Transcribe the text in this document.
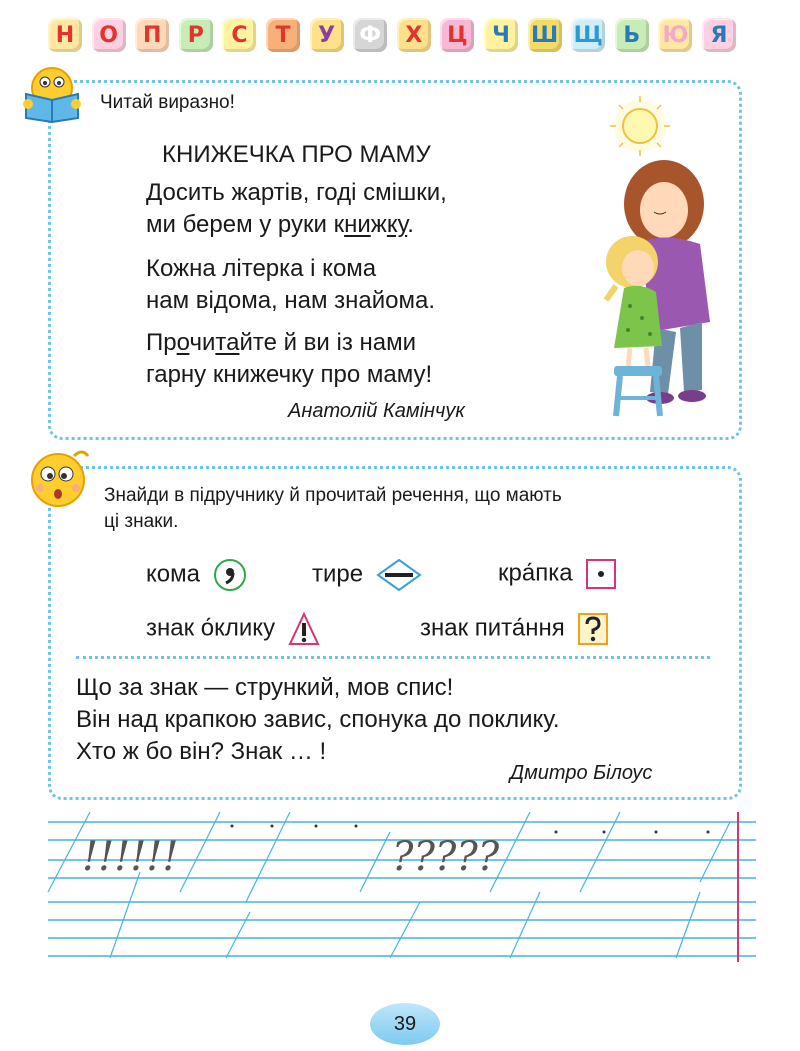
Н	О	П	Р	С	Т	У	Ф	Х	Ц	Ч Ш Щ Ь	Ю	Я
Читай виразно!
КНИЖЕЧКА ПРО МАМУ
Досить жартів, годі смішки,
ми берем у руки книжку.
Кожна літерка і кома
нам відома, нам знайома.
Прочитайте й ви із нами
гарну книжечку про маму!
Анатолій Камінчук
Знайди в підручнику й прочитай речення, що мають
ці знаки.
кома	тире	кра́пка
знак о́клику	знак пита́ння
Що за знак — стрункий, мов спис!
Він над крапкою завис, спонука до поклику.
Хто ж бо він? Знак … !
Дмитро Білоус
!!!!!!	?????
39
